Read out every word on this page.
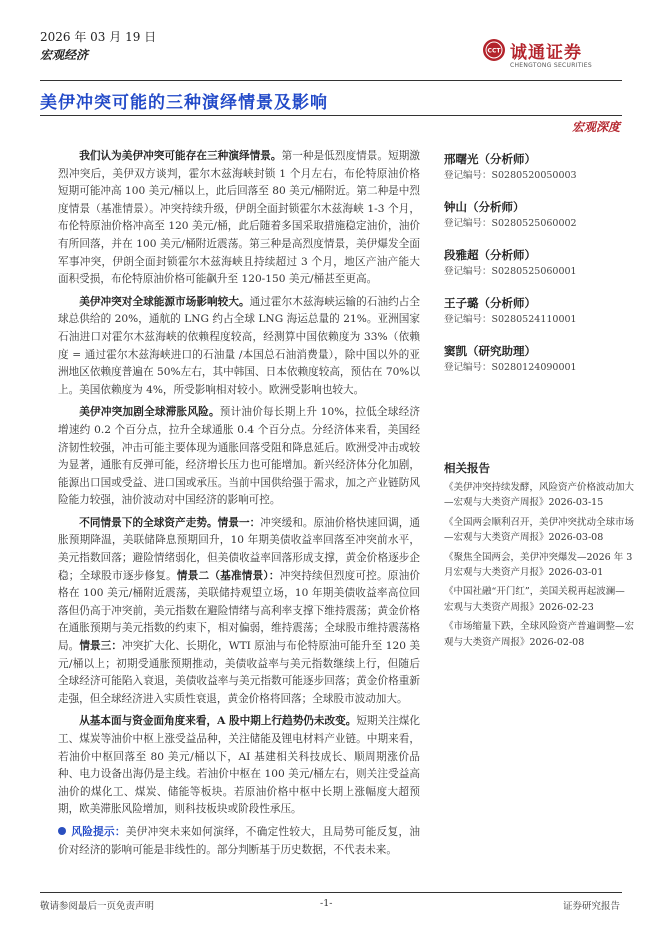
2026 年 03 月 19 日
宏观经济	CCT 诚通证券
CHENGTONG SECURITIES
美伊冲突可能的三种演绎情景及影响
宏观深度

我们认为美伊冲突可能存在三种演绎情景。第一种是低烈度情景。短期激烈冲突后，美伊双方谈判，霍尔木兹海峡封锁 1 个月左右，布伦特原油价格短期可能冲高 100 美元/桶以上，此后回落至 80 美元/桶附近。第二种是中烈度情景（基准情景）。冲突持续升级，伊朗全面封锁霍尔木兹海峡 1-3 个月，布伦特原油价格冲高至 120 美元/桶，此后随着多国采取措施稳定油价，油价有所回落，并在 100 美元/桶附近震荡。第三种是高烈度情景，美伊爆发全面军事冲突，伊朗全面封锁霍尔木兹海峡且持续超过 3 个月，地区产油产能大面积受损，布伦特原油价格可能飙升至 120-150 美元/桶甚至更高。

美伊冲突对全球能源市场影响较大。通过霍尔木兹海峡运输的石油约占全球总供给的 20%，通航的 LNG 约占全球 LNG 海运总量的 21%。亚洲国家石油进口对霍尔木兹海峡的依赖程度较高，经测算中国依赖度为 33%（依赖度 = 通过霍尔木兹海峡进口的石油量 /本国总石油消费量），除中国以外的亚洲地区依赖度普遍在 50%左右，其中韩国、日本依赖度较高，预估在 70%以上。美国依赖度为 4%，所受影响相对较小。欧洲受影响也较大。

美伊冲突加剧全球滞胀风险。预计油价每长期上升 10%，拉低全球经济增速约 0.2 个百分点，拉升全球通胀 0.4 个百分点。分经济体来看，美国经济韧性较强，冲击可能主要体现为通胀回落受阻和降息延后。欧洲受冲击或较为显著，通胀有反弹可能，经济增长压力也可能增加。新兴经济体分化加剧，能源出口国或受益、进口国或承压。当前中国供给强于需求，加之产业链防风险能力较强，油价波动对中国经济的影响可控。

不同情景下的全球资产走势。情景一：冲突缓和。原油价格快速回调，通胀预期降温，美联储降息预期回升，10 年期美债收益率回落至冲突前水平，美元指数回落；避险情绪弱化，但美债收益率回落形成支撑，黄金价格逐步企稳；全球股市逐步修复。情景二（基准情景）：冲突持续但烈度可控。原油价格在 100 美元/桶附近震荡，美联储持观望立场，10 年期美债收益率高位回落但仍高于冲突前，美元指数在避险情绪与高利率支撑下维持震荡；黄金价格在通胀预期与美元指数的约束下，相对偏弱，维持震荡；全球股市维持震荡格局。情景三：冲突扩大化、长期化，WTI 原油与布伦特原油可能升至 120 美元/桶以上；初期受通胀预期推动，美债收益率与美元指数继续上行，但随后全球经济可能陷入衰退，美债收益率与美元指数可能逐步回落；黄金价格重新走强，但全球经济进入实质性衰退，黄金价格将回落；全球股市波动加大。

从基本面与资金面角度来看，A 股中期上行趋势仍未改变。短期关注煤化工、煤炭等油价中枢上涨受益品种，关注储能及锂电材料产业链。中期来看，若油价中枢回落至 80 美元/桶以下，AI 基建相关科技成长、顺周期涨价品种、电力设备出海仍是主线。若油价中枢在 100 美元/桶左右，则关注受益高油价的煤化工、煤炭、储能等板块。若原油价格中枢中长期上涨幅度大超预期，欧美滞胀风险增加，则科技板块或阶段性承压。

风险提示：美伊冲突未来如何演绎，不确定性较大，且局势可能反复，油价对经济的影响可能是非线性的。部分判断基于历史数据，不代表未来。

邢曙光（分析师）
登记编号：S0280520050003
钟山（分析师）
登记编号：S0280525060002
段雅超（分析师）
登记编号：S0280525060001
王子璐（分析师）
登记编号：S0280524110001
窦凯（研究助理）
登记编号：S0280124090001
相关报告
《美伊冲突持续发酵，风险资产价格波动加大—宏观与大类资产周报》2026-03-15
《全国两会顺利召开，美伊冲突扰动全球市场—宏观与大类资产周报》2026-03-08
《聚焦全国两会，美伊冲突爆发—2026 年 3 月宏观与大类资产月报》2026-03-01
《中国社融“开门红”，美国关税再起波澜—宏观与大类资产周报》2026-02-23
《市场缩量下跌，全球风险资产普遍调整—宏观与大类资产周报》2026-02-08
敬请参阅最后一页免责声明	-1-	证券研究报告
